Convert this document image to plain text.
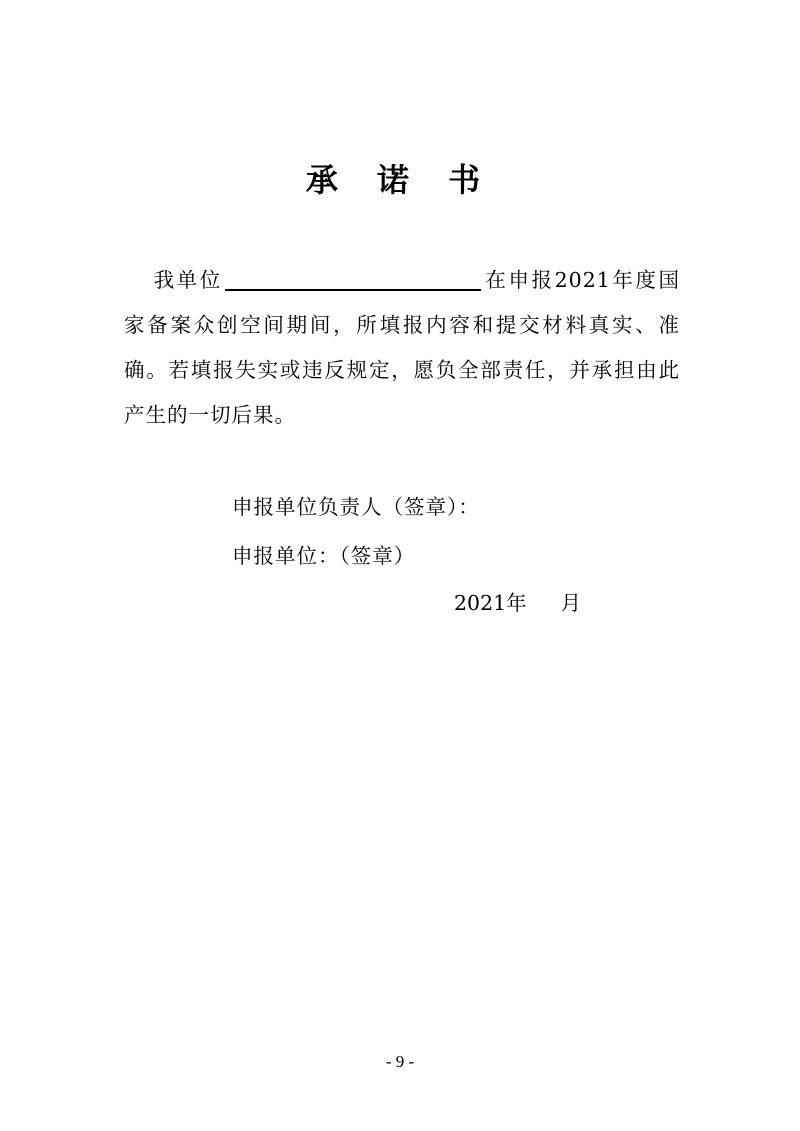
承 诺 书
我单位	在申报2021年度国家备案众创空间期间，所填报内容和提交材料真实、准确。若填报失实或违反规定，愿负全部责任，并承担由此产生的一切后果。
申报单位负责人（签章）：
申报单位：（签章）
2021年 月
- 9 -
